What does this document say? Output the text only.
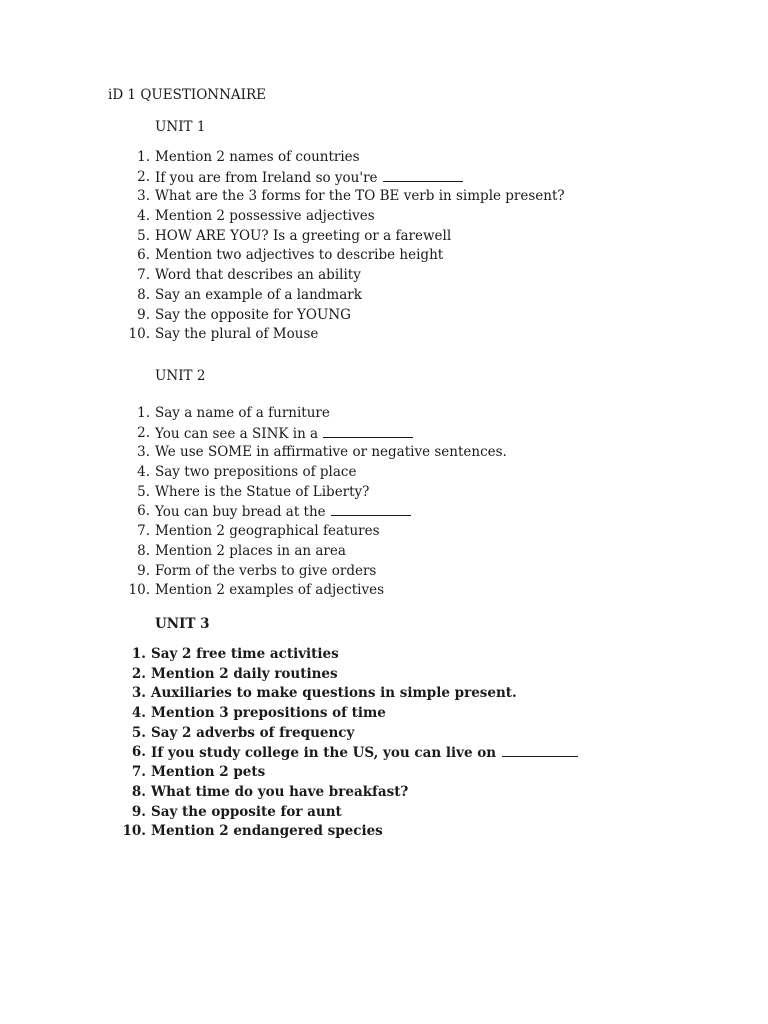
iD 1 QUESTIONNAIRE
UNIT 1
1. Mention 2 names of countries
2. If you are from Ireland so you're
3. What are the 3 forms for the TO BE verb in simple present?
4. Mention 2 possessive adjectives
5. HOW ARE YOU? Is a greeting or a farewell
6. Mention two adjectives to describe height
7. Word that describes an ability
8. Say an example of a landmark
9. Say the opposite for YOUNG
10. Say the plural of Mouse
UNIT 2
1. Say a name of a furniture
2. You can see a SINK in a
3. We use SOME in affirmative or negative sentences.
4. Say two prepositions of place
5. Where is the Statue of Liberty?
6. You can buy bread at the
7. Mention 2 geographical features
8. Mention 2 places in an area
9. Form of the verbs to give orders
10. Mention 2 examples of adjectives
UNIT 3
1. Say 2 free time activities
2. Mention 2 daily routines
3. Auxiliaries to make questions in simple present.
4. Mention 3 prepositions of time
5. Say 2 adverbs of frequency
6. If you study college in the US, you can live on
7. Mention 2 pets
8. What time do you have breakfast?
9. Say the opposite for aunt
10. Mention 2 endangered species
